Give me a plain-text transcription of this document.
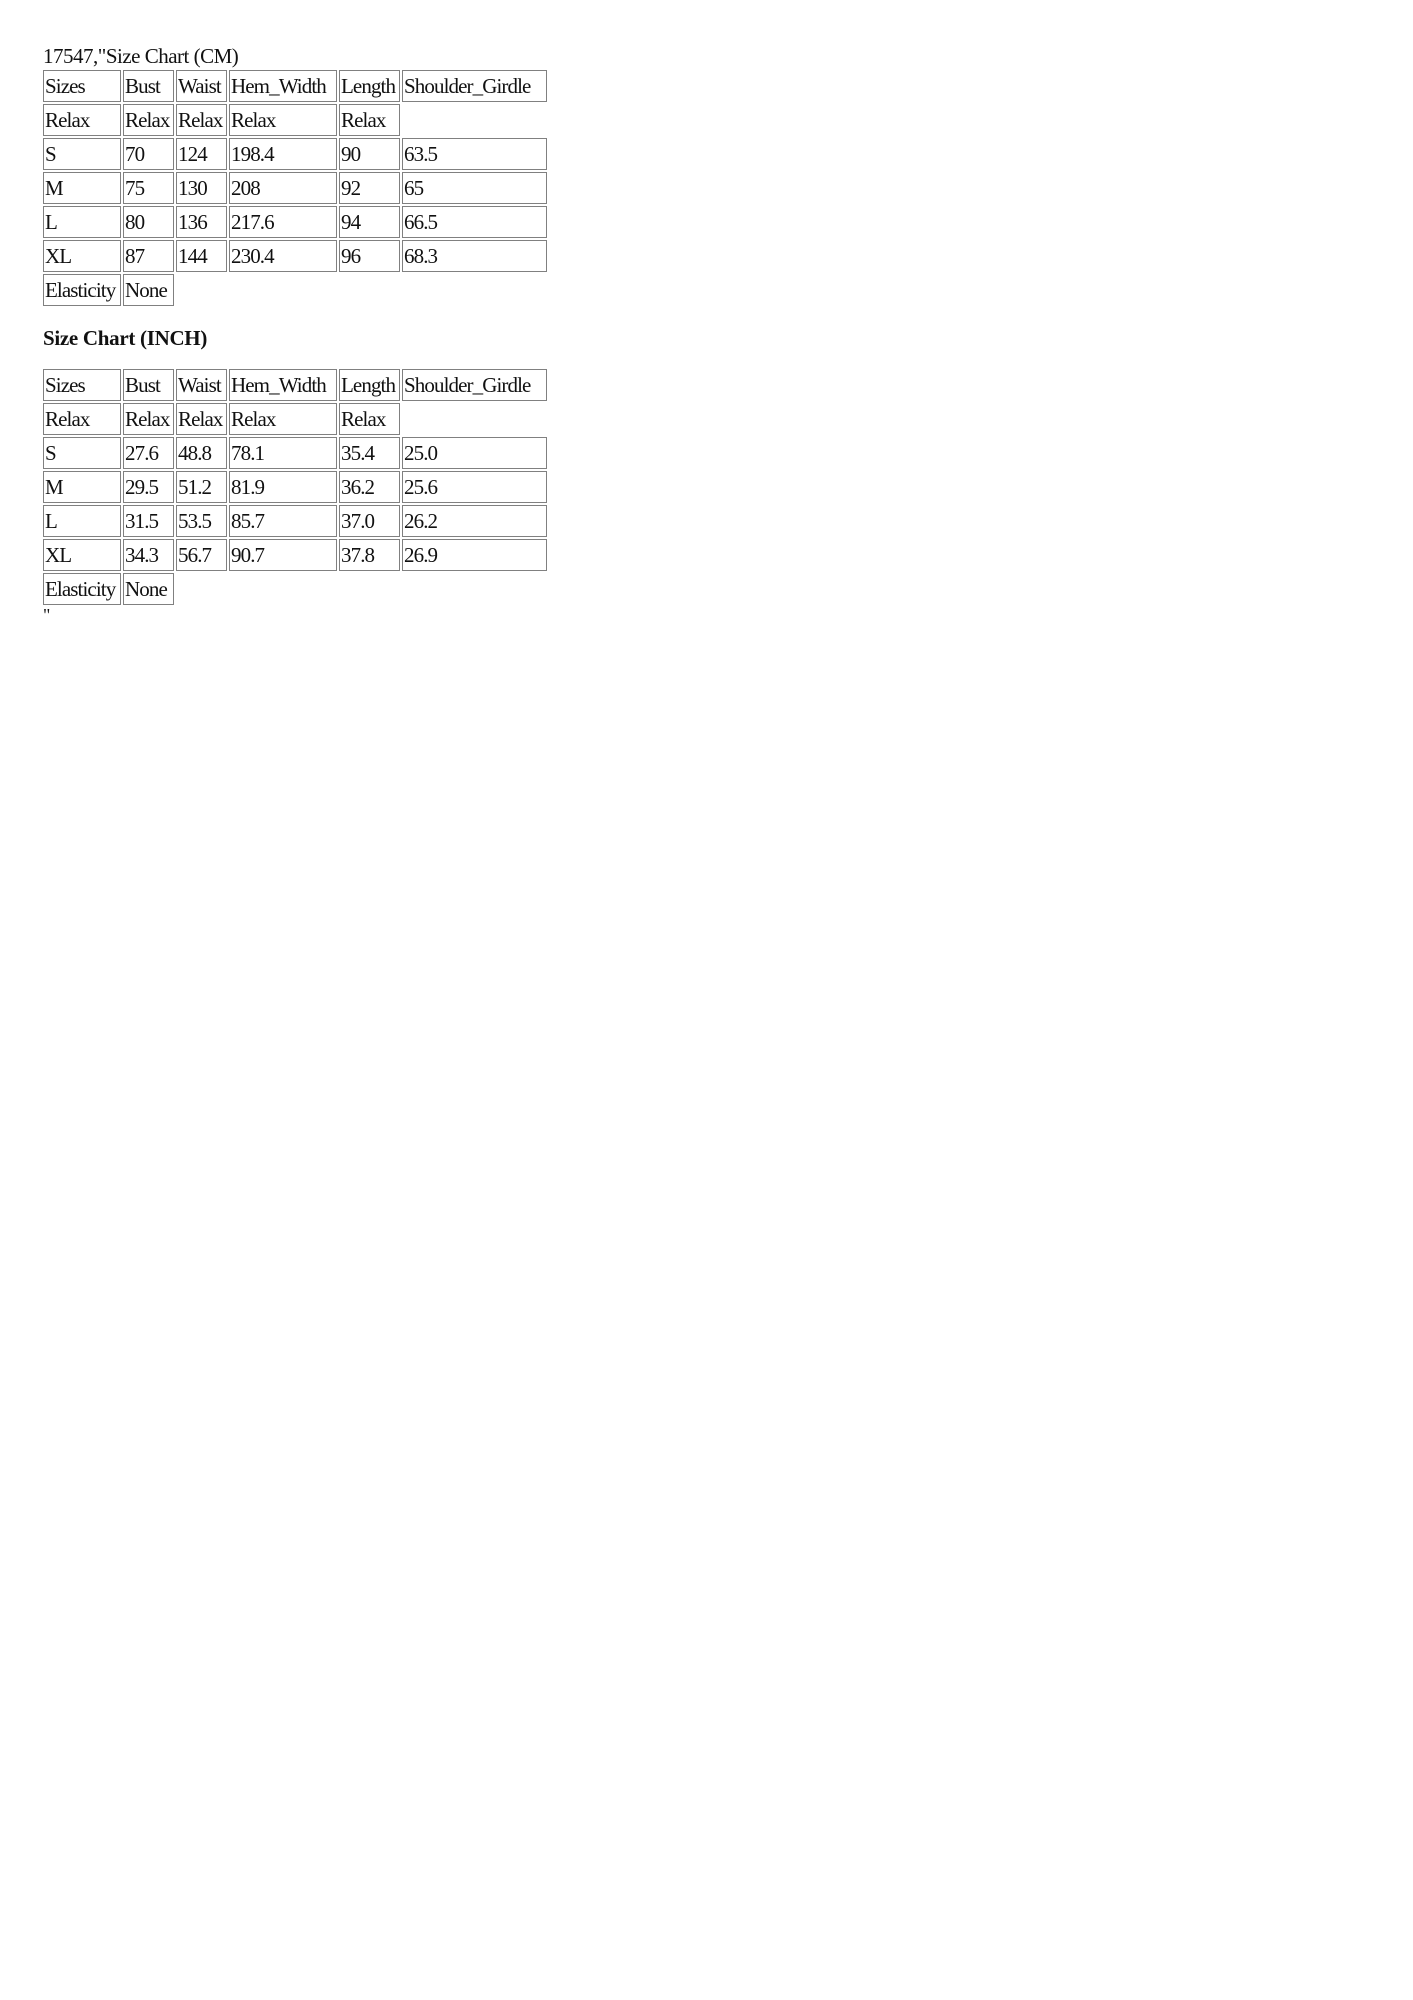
17547,"Size Chart (CM)
Sizes	Bust	Waist	Hem_Width	Length	Shoulder_Girdle
Relax	Relax	Relax	Relax	Relax	
S	70	124	198.4	90	63.5
M	75	130	208	92	65
L	80	136	217.6	94	66.5
XL	87	144	230.4	96	68.3
Elasticity	None				
Size Chart (INCH)
Sizes	Bust	Waist	Hem_Width	Length	Shoulder_Girdle
Relax	Relax	Relax	Relax	Relax	
S	27.6	48.8	78.1	35.4	25.0
M	29.5	51.2	81.9	36.2	25.6
L	31.5	53.5	85.7	37.0	26.2
XL	34.3	56.7	90.7	37.8	26.9
Elasticity	None				
"
